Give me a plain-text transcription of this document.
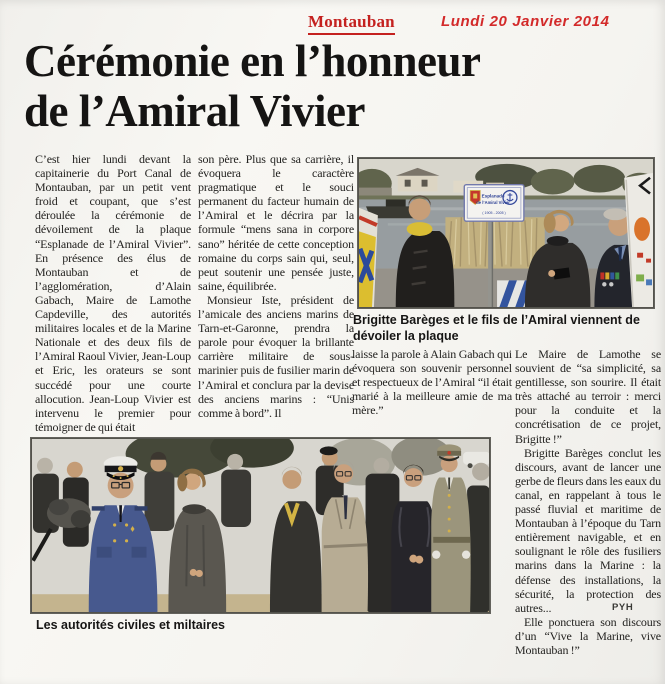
Montauban	Lundi 20 Janvier 2014
Cérémonie en l’honneur
de l’Amiral Vivier

C’est hier lundi devant la capitainerie du Port Canal de Montauban, par un petit vent froid et coupant, que s’est déroulée la cérémonie de dévoilement de la plaque “Esplanade de l’Amiral Vivier”. En présence des élus de Montauban et de l’agglomération, d’Alain Gabach, Maire de Lamothe Capdeville, des autorités militaires locales et de la Marine Nationale et des deux fils de l’Amiral Raoul Vivier, Jean-Loup et Eric, les orateurs se sont succédé pour une courte allocution. Jean-Loup Vivier est intervenu le premier pour témoigner de qui était

son père. Plus que sa carrière, il évoquera le caractère pragmatique et le souci permanent du facteur humain de l’Amiral et le décrira par la formule “mens sana in corpore sano” héritée de cette conception romaine du corps sain qui, seul, peut soutenir une pensée juste, saine, équilibrée.

Monsieur Iste, président de l’amicale des anciens marins de Tarn-et-Garonne, prendra la parole pour évoquer la brillante carrière militaire de sous-marinier puis de fusilier marin de l’Amiral et conclura par la devise des anciens marins : “Unis comme à bord”. Il

Esplanade
de l’Amiral Vivier
( 1905 - 2005 )
Brigitte Barèges et le fils de l’Amiral viennent de dévoiler la plaque

laisse la parole à Alain Gabach qui évoquera son souvenir personnel et respectueux de l’Amiral “il était marié à la meilleure amie de ma mère.”

Le Maire de Lamothe se souvient de “sa simplicité, sa gentillesse, son sourire. Il était très attaché au terroir : merci pour la conduite et la concrétisation de ce projet, Brigitte !”

Brigitte Barèges conclut les discours, avant de lancer une gerbe de fleurs dans les eaux du canal, en rappelant à tous le passé fluvial et maritime de Montauban à l’époque du Tarn entièrement navigable, et en soulignant le rôle des fusiliers marins dans la Marine : la défense des installations, la sécurité, la protection des autres...

Elle ponctuera son discours d’un “Vive la Marine, vive Montauban !”

Les autorités civiles et miltaires
PYH
